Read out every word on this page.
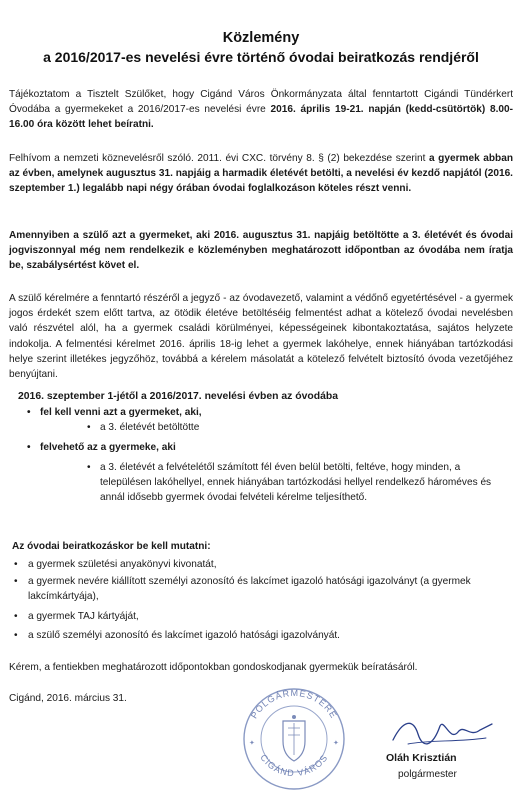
Közlemény
a 2016/2017-es nevelési évre történő óvodai beiratkozás rendjéről

Tájékoztatom a Tisztelt Szülőket, hogy Cigánd Város Önkormányzata által fenntartott Cigándi Tündérkert Óvodába a gyermekeket a 2016/2017-es nevelési évre 2016. április 19-21. napján (kedd-csütörtök) 8.00-16.00 óra között lehet beíratni.

Felhívom a nemzeti köznevelésről szóló. 2011. évi CXC. törvény 8. § (2) bekezdése szerint a gyermek abban az évben, amelynek augusztus 31. napjáig a harmadik életévét betölti, a nevelési év kezdő napjától (2016. szeptember 1.) legalább napi négy órában óvodai foglalkozáson köteles részt venni.

Amennyiben a szülő azt a gyermeket, aki 2016. augusztus 31. napjáig betöltötte a 3. életévét és óvodai jogviszonnyal még nem rendelkezik e közleményben meghatározott időpontban az óvodába nem íratja be, szabálysértést követ el.

A szülő kérelmére a fenntartó részéről a jegyző - az óvodavezető, valamint a védőnő egyetértésével - a gyermek jogos érdekét szem előtt tartva, az ötödik életéve betöltéséig felmentést adhat a kötelező óvodai nevelésben való részvétel alól, ha a gyermek családi körülményei, képességeinek kibontakoztatása, sajátos helyzete indokolja. A felmentési kérelmet 2016. április 18-ig lehet a gyermek lakóhelye, ennek hiányában tartózkodási helye szerint illetékes jegyzőhöz, továbbá a kérelem másolatát a kötelező felvételt biztosító óvoda vezetőjéhez benyújtani.

2016. szeptember 1-jétől a 2016/2017. nevelési évben az óvodába
• fel kell venni azt a gyermeket, aki,
• a 3. életévét betöltötte
• felvehető az a gyermeke, aki
• a 3. életévét a felvételétől számított fél éven belül betölti, feltéve, hogy minden, a településen lakóhellyel, ennek hiányában tartózkodási hellyel rendelkező hároméves és annál idősebb gyermek óvodai felvételi kérelme teljesíthető.
Az óvodai beiratkozáskor be kell mutatni:
• a gyermek születési anyakönyvi kivonatát,
• a gyermek nevére kiállított személyi azonosító és lakcímet igazoló hatósági igazolványt (a gyermek lakcímkártyája),
• a gyermek TAJ kártyáját,
• a szülő személyi azonosító és lakcímet igazoló hatósági igazolványát.
Kérem, a fentiekben meghatározott időpontokban gondoskodjanak gyermekük beíratásáról.
Cigánd, 2016. március 31.
POLGÁRMESTERE
CIGÁND VÁROS
✦	✦
Oláh Krisztián
polgármester
